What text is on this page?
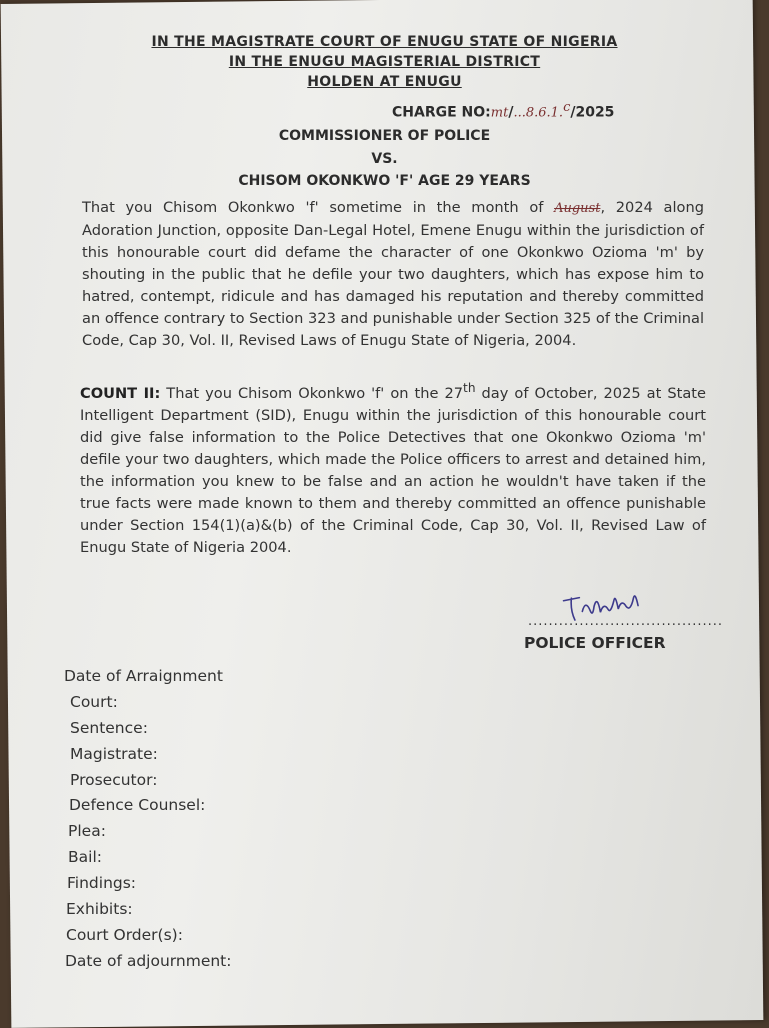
IN THE MAGISTRATE COURT OF ENUGU STATE OF NIGERIA
IN THE ENUGU MAGISTERIAL DISTRICT
HOLDEN AT ENUGU
CHARGE NO:mt/...8.6.1.$^c$/2025
COMMISSIONER OF POLICE
VS.
CHISOM OKONKWO 'F' AGE 29 YEARS
That you Chisom Okonkwo 'f' sometime in the month of August, 2024 along Adoration Junction, opposite Dan-Legal Hotel, Emene Enugu within the jurisdiction of this honourable court did defame the character of one Okonkwo Ozioma 'm' by shouting in the public that he defile your two daughters, which has expose him to hatred, contempt, ridicule and has damaged his reputation and thereby committed an offence contrary to Section 323 and punishable under Section 325 of the Criminal Code, Cap 30, Vol. II, Revised Laws of Enugu State of Nigeria, 2004.
COUNT II: That you Chisom Okonkwo 'f' on the 27th day of October, 2025 at State Intelligent Department (SID), Enugu within the jurisdiction of this honourable court did give false information to the Police Detectives that one Okonkwo Ozioma 'm' defile your two daughters, which made the Police officers to arrest and detained him, the information you knew to be false and an action he wouldn't have taken if the true facts were made known to them and thereby committed an offence punishable under Section 154(1)(a)&(b) of the Criminal Code, Cap 30, Vol. II, Revised Law of Enugu State of Nigeria 2004.
......................................
POLICE OFFICER
Date of Arraignment
Court:
Sentence:
Magistrate:
Prosecutor:
Defence Counsel:
Plea:
Bail:
Findings:
Exhibits:
Court Order(s):
Date of adjournment:
